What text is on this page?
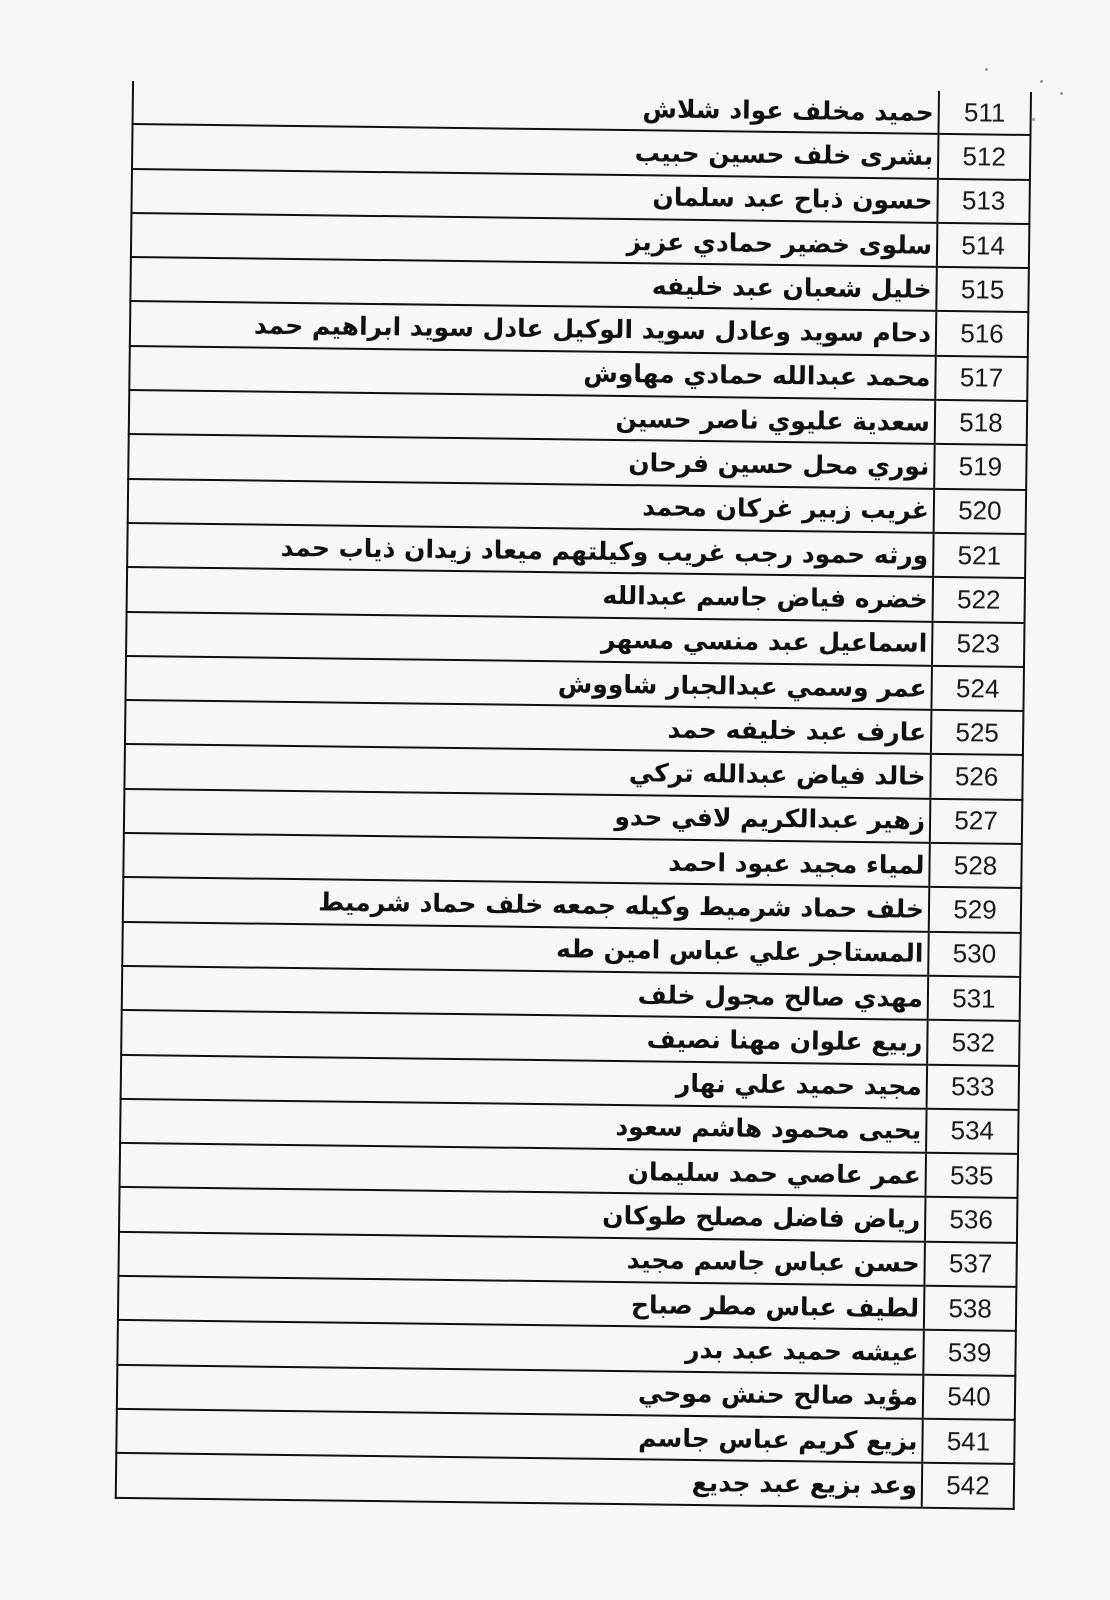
حميد مخلف عواد شلاش	511
بشرى خلف حسين حبيب	512
حسون ذباح عبد سلمان	513
سلوى خضير حمادي عزيز	514
خليل شعبان عبد خليفه	515
دحام سويد وعادل سويد الوكيل عادل سويد ابراهيم حمد	516
محمد عبدالله حمادي مهاوش	517
سعدية عليوي ناصر حسين	518
نوري محل حسين فرحان	519
غريب زبير غركان محمد	520
ورثه حمود رجب غريب وكيلتهم ميعاد زيدان ذياب حمد	521
خضره فياض جاسم عبدالله	522
اسماعيل عبد منسي مسهر	523
عمر وسمي عبدالجبار شاووش	524
عارف عبد خليفه حمد	525
خالد فياض عبدالله تركي	526
زهير عبدالكريم لافي حدو	527
لمياء مجيد عبود احمد	528
خلف حماد شرميط وكيله جمعه خلف حماد شرميط	529
المستاجر علي عباس امين طه	530
مهدي صالح مجول خلف	531
ربيع علوان مهنا نصيف	532
مجيد حميد علي نهار	533
يحيى محمود هاشم سعود	534
عمر عاصي حمد سليمان	535
رياض فاضل مصلح طوكان	536
حسن عباس جاسم مجيد	537
لطيف عباس مطر صباح	538
عيشه حميد عبد بدر	539
مؤيد صالح حنش موحي	540
بزيع كريم عباس جاسم	541
وعد بزيع عبد جديع	542
